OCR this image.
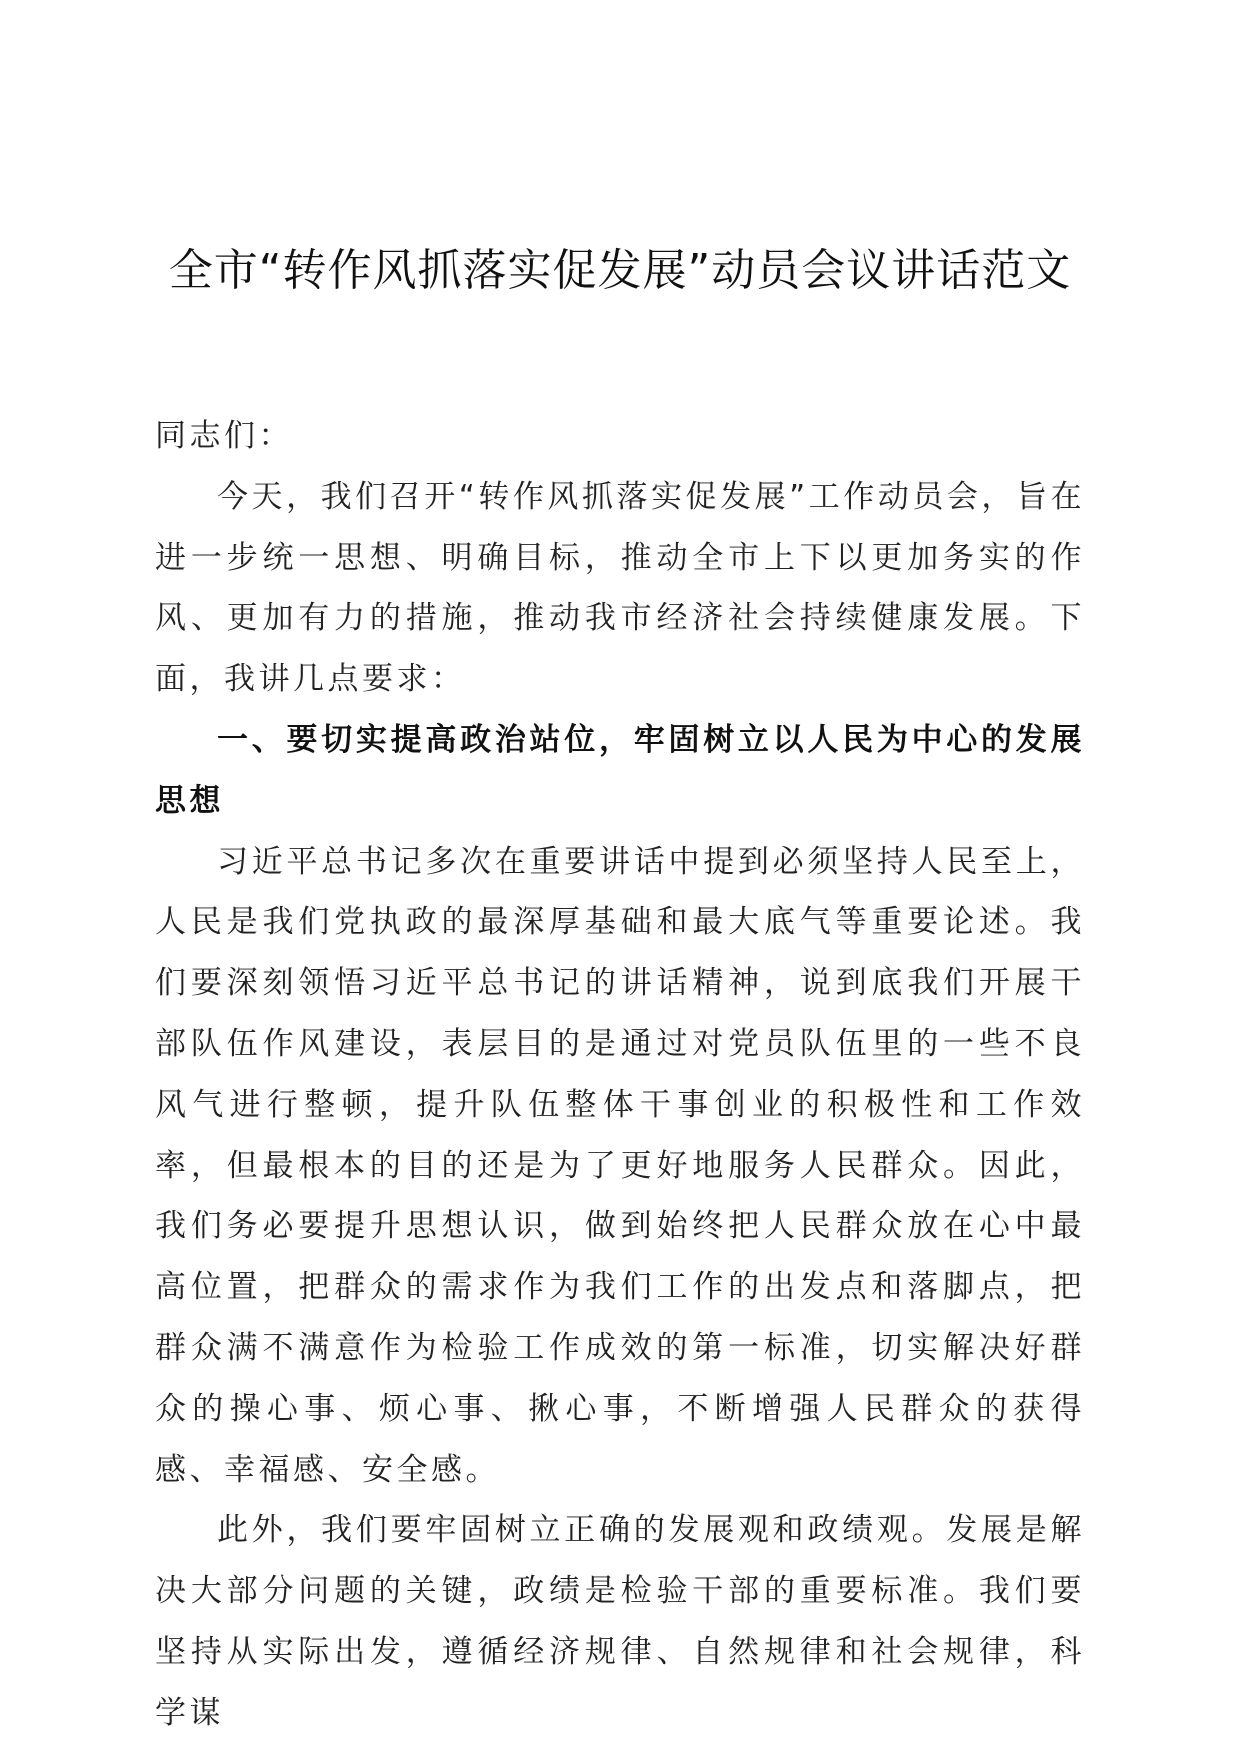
全市“转作风抓落实促发展”动员会议讲话范文

同志们：

今天，我们召开“转作风抓落实促发展”工作动员会，旨在进一步统一思想、明确目标，推动全市上下以更加务实的作风、更加有力的措施，推动我市经济社会持续健康发展。下面，我讲几点要求：

一、要切实提高政治站位，牢固树立以人民为中心的发展思想

习近平总书记多次在重要讲话中提到必须坚持人民至上，人民是我们党执政的最深厚基础和最大底气等重要论述。我们要深刻领悟习近平总书记的讲话精神，说到底我们开展干部队伍作风建设，表层目的是通过对党员队伍里的一些不良风气进行整顿，提升队伍整体干事创业的积极性和工作效率，但最根本的目的还是为了更好地服务人民群众。因此，我们务必要提升思想认识，做到始终把人民群众放在心中最高位置，把群众的需求作为我们工作的出发点和落脚点，把群众满不满意作为检验工作成效的第一标准，切实解决好群众的操心事、烦心事、揪心事，不断增强人民群众的获得感、幸福感、安全感。

此外，我们要牢固树立正确的发展观和政绩观。发展是解决大部分问题的关键，政绩是检验干部的重要标准。我们要坚持从实际出发，遵循经济规律、自然规律和社会规律，科学谋
